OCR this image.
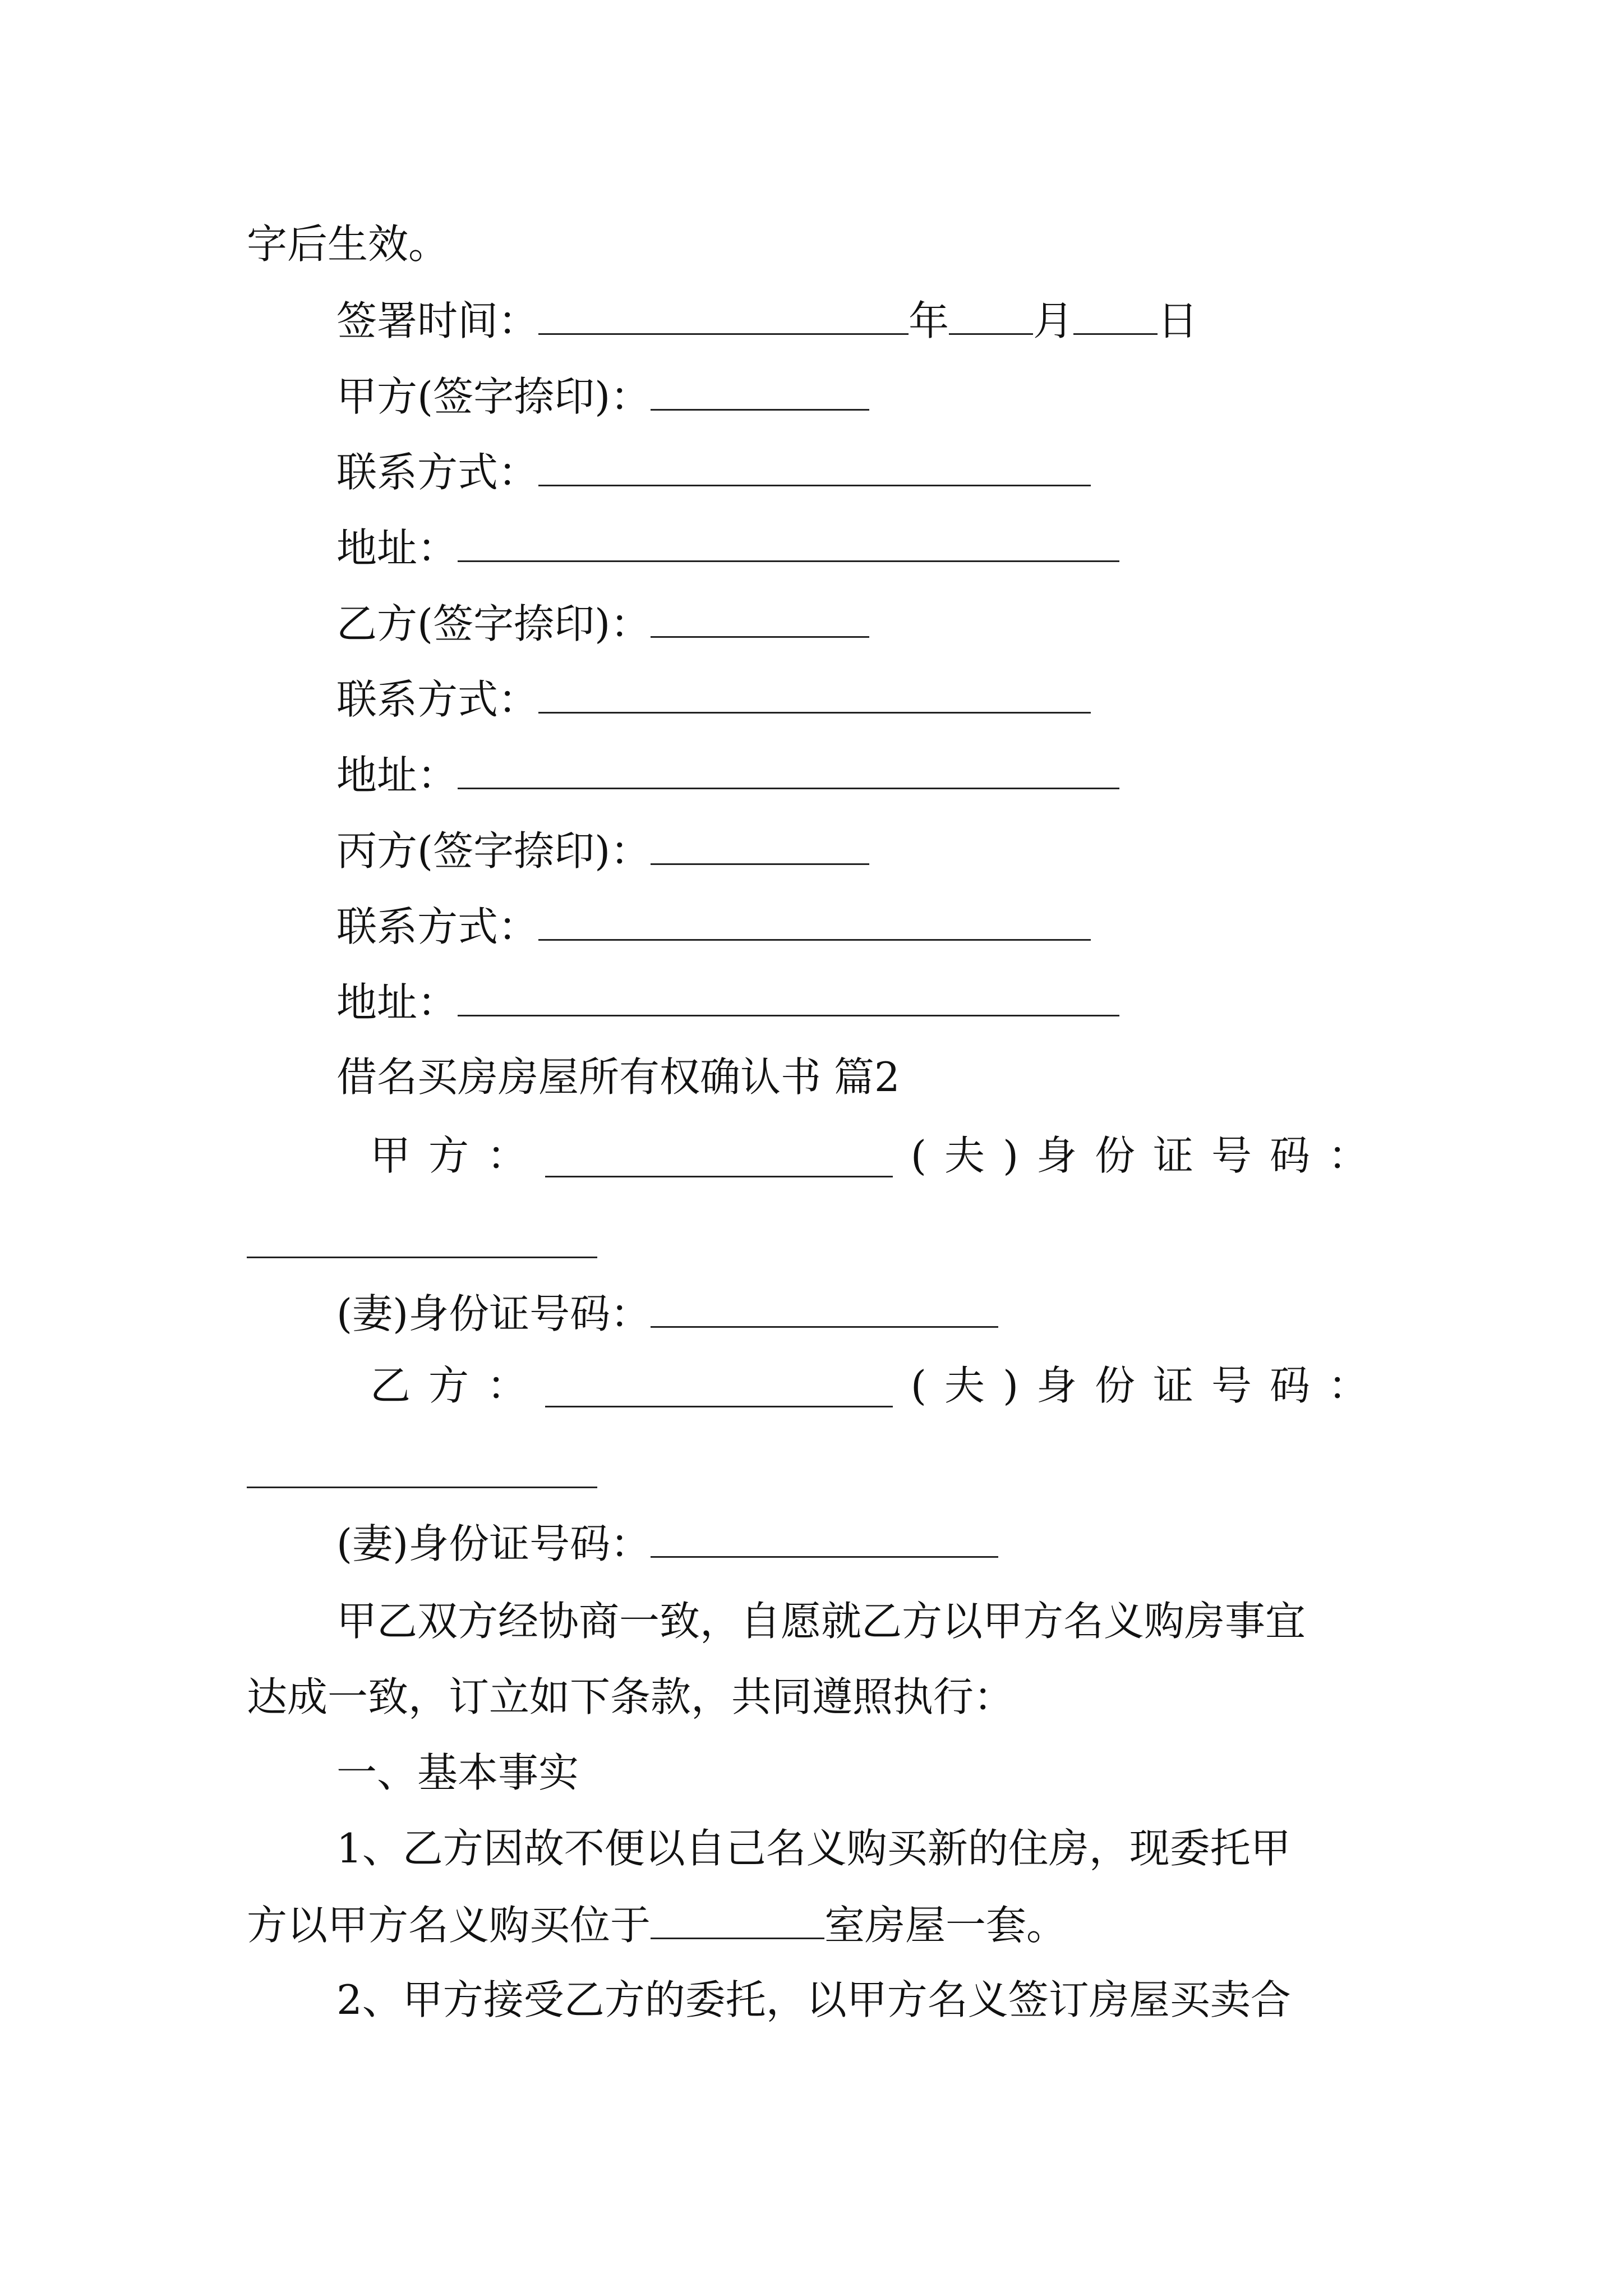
字后生效。
签署时间：	年 月 日
甲方(签字捺印)：
联系方式：
地址：
乙方(签字捺印)：
联系方式：
地址：
丙方(签字捺印)：
联系方式：
地址：
借名买房房屋所有权确认书 篇2
甲 方 ：	( 夫 ) 身 份 证 号 码 ：
(妻)身份证号码：
乙 方 ：	( 夫 ) 身 份 证 号 码 ：
(妻)身份证号码：
甲乙双方经协商一致，自愿就乙方以甲方名义购房事宜
达成一致，订立如下条款，共同遵照执行：
一、基本事实
1、乙方因故不便以自己名义购买新的住房，现委托甲
方以甲方名义购买位于	室房屋一套。
2、甲方接受乙方的委托，以甲方名义签订房屋买卖合
